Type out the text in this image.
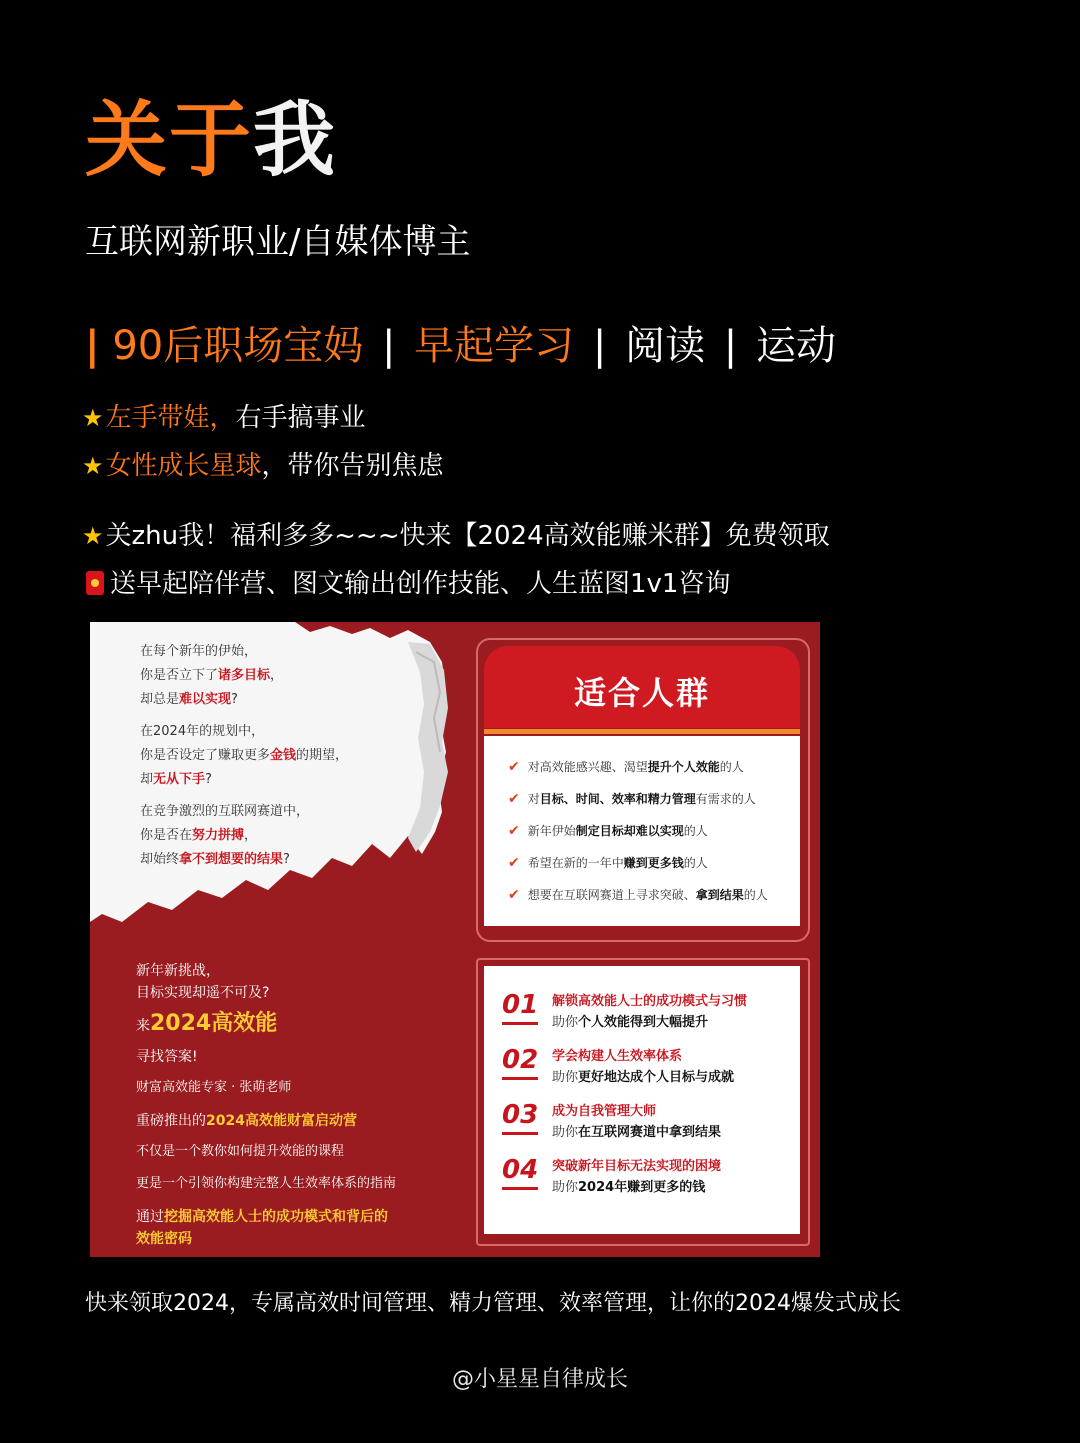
关于我
互联网新职业/自媒体博主
| 90后职场宝妈 | 早起学习 | 阅读 | 运动
★左手带娃，右手搞事业
★女性成长星球，带你告别焦虑
★关zhu我！福利多多~~~快来【2024高效能赚米群】免费领取
送早起陪伴营、图文输出创作技能、人生蓝图1v1咨询
在每个新年的伊始，
你是否立下了诸多目标，
却总是难以实现?
在2024年的规划中，
你是否设定了赚取更多金钱的期望，
却无从下手?
在竞争激烈的互联网赛道中，
你是否在努力拼搏，
却始终拿不到想要的结果?
新年新挑战，
目标实现却遥不可及?
来2024高效能
寻找答案!
财富高效能专家 · 张萌老师
重磅推出的2024高效能财富启动营
不仅是一个教你如何提升效能的课程
更是一个引领你构建完整人生效率体系的指南
通过挖掘高效能人士的成功模式和背后的
效能密码
适合人群
✔ 对高效能感兴趣、渴望提升个人效能的人
✔ 对目标、时间、效率和精力管理有需求的人
✔ 新年伊始制定目标却难以实现的人
✔ 希望在新的一年中赚到更多钱的人
✔ 想要在互联网赛道上寻求突破、拿到结果的人
01 解锁高效能人士的成功模式与习惯
助你个人效能得到大幅提升
02 学会构建人生效率体系
助你更好地达成个人目标与成就
03 成为自我管理大师
助你在互联网赛道中拿到结果
04 突破新年目标无法实现的困境
助你2024年赚到更多的钱
快来领取2024，专属高效时间管理、精力管理、效率管理，让你的2024爆发式成长
@小星星自律成长
